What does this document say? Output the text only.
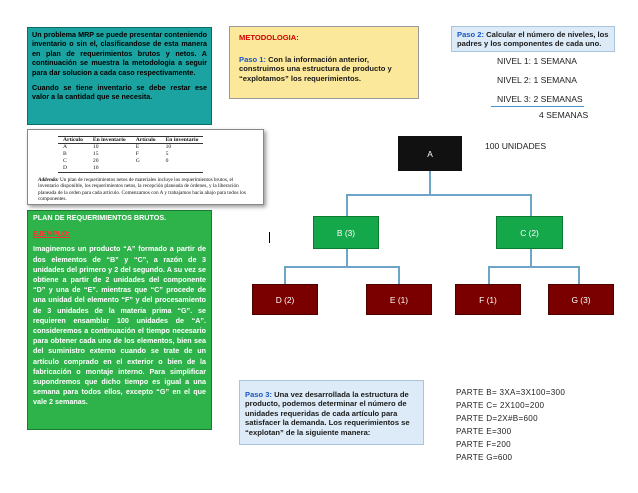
Un problema MRP se puede presentar conteniendo inventario o sin el, clasificandose de esta manera en plan de requerimientos brutos y netos. A continuación se muestra la metodologia a seguir para dar solucion a cada caso respectivamente.

Cuando se tiene inventario se debe restar ese valor a la cantidad que se necesita.

Artículo	En inventario	Artículo	En inventario
A	10	E	10
B	15	F	5
C	20	G	0
D	10		
Addenda: Un plan de requerimientos netos de materiales incluye los requerimientos brutos, el inventario disponible, los requerimientos netos, la recepción planeada de órdenes, y la liberación planeada de la orden para cada artículo. Comenzamos con A y trabajamos hacia abajo para todos los componentes.
PLAN DE REQUERIMIENTOS BRUTOS.
EJEMPLO:
Imaginemos un producto “A” formado a partir de dos elementos de “B” y “C”, a razón de 3 unidades del primero y 2 del segundo. A su vez se obtiene a partir de 2 unidades del componente “D” y una de “E”. mientras que “C” procede de una unidad del elemento “F” y del procesamiento de 3 unidades de la materia prima “G”. se requieren ensamblar 100 unidades de “A”. consideremos a continuación el tiempo necesario para obtener cada uno de los elementos, bien sea del suministro externo cuando se trate de un artículo comprado en el exterior o bien de la fabricación o montaje interno. Para simplificar supondremos que dicho tiempo es igual a una semana para todos ellos, excepto “G” en el que vale 2 semanas.
METODOLOGIA:
Paso 1: Con la información anterior, construimos una estructura de producto y “explotamos” los requerimientos.
Paso 2: Calcular el número de niveles, los padres y los componentes de cada uno.
NIVEL 1: 1 SEMANA
NIVEL 2: 1 SEMANA
NIVEL 3: 2 SEMANAS
4 SEMANAS
100 UNIDADES
A
B (3)	C (2)
D (2)	E (1)	F (1)	G (3)
Paso 3: Una vez desarrollada la estructura de producto, podemos determinar el número de unidades requeridas de cada artículo para satisfacer la demanda. Los requerimientos se “explotan” de la siguiente manera:
PARTE B= 3XA=3X100=300
PARTE C= 2X100=200
PARTE D=2X#B=600
PARTE E=300
PARTE F=200
PARTE G=600
